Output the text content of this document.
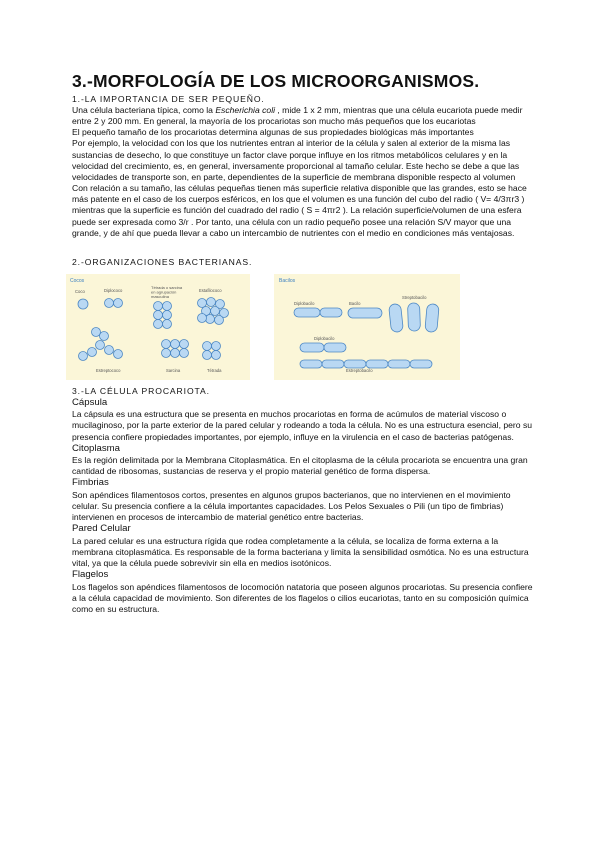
3.-MORFOLOGÍA DE LOS MICROORGANISMOS.
1.-LA IMPORTANCIA DE SER PEQUEÑO.

Una célula bacteriana típica, como la Escherichia coli , mide 1 x 2 mm, mientras que una célula eucariota puede medir entre 2 y 200 mm. En general, la mayoría de los procariotas son mucho más pequeños que los eucariotas

El pequeño tamaño de los procariotas determina algunas de sus propiedades biológicas más importantes

Por ejemplo, la velocidad con los que los nutrientes entran al interior de la célula y salen al exterior de la misma las sustancias de desecho, lo que constituye un factor clave porque influye en los ritmos metabólicos celulares y en la velocidad del crecimiento, es, en general, inversamente proporcional al tamaño celular. Este hecho se debe a que las velocidades de transporte son, en parte, dependientes de la superficie de membrana disponible respecto al volumen

Con relación a su tamaño, las células pequeñas tienen más superficie relativa disponible que las grandes, esto se hace más patente en el caso de los cuerpos esféricos, en los que el volumen es una función del cubo del radio ( V= 4/3πr3 ) mientras que la superficie es función del cuadrado del radio ( S = 4πr2 ). La relación superficie/volumen de una esfera puede ser expresada como 3/r . Por tanto, una célula con un radio pequeño posee una relación S/V mayor que una grande, y de ahí que pueda llevar a cabo un intercambio de nutrientes con el medio en condiciones más ventajosas.

2.-ORGANIZACIONES BACTERIANAS.
Cocos
Coco	Diplococo
Tétrada o sarcina en agrupación masculina
Estafilococo
Estreptococo	Sarcina	Tétrada
Bacilos
Diplobacilo	Bacilo
Streptobacilo
Diplobacilo
Estreptobacilo
3.-LA CÉLULA PROCARIOTA.
Cápsula

La cápsula es una estructura que se presenta en muchos procariotas en forma de acúmulos de material viscoso o mucilaginoso, por la parte exterior de la pared celular y rodeando a toda la célula. No es una estructura esencial, pero su presencia confiere propiedades importantes, por ejemplo, influye en la virulencia en el caso de bacterias patógenas.

Citoplasma

Es la región delimitada por la Membrana Citoplasmática. En el citoplasma de la célula procariota se encuentra una gran cantidad de ribosomas, sustancias de reserva y el propio material genético de forma dispersa.

Fimbrias

Son apéndices filamentosos cortos, presentes en algunos grupos bacterianos, que no intervienen en el movimiento celular. Su presencia confiere a la célula importantes capacidades. Los Pelos Sexuales o Pili (un tipo de fimbrias) intervienen en procesos de intercambio de material genético entre bacterias.

Pared Celular

La pared celular es una estructura rígida que rodea completamente a la célula, se localiza de forma externa a la membrana citoplasmática. Es responsable de la forma bacteriana y limita la sensibilidad osmótica. No es una estructura vital, ya que la célula puede sobrevivir sin ella en medios isotónicos.

Flagelos

Los flagelos son apéndices filamentosos de locomoción natatoria que poseen algunos procariotas. Su presencia confiere a la célula capacidad de movimiento. Son diferentes de los flagelos o cilios eucariotas, tanto en su composición química como en su estructura.
